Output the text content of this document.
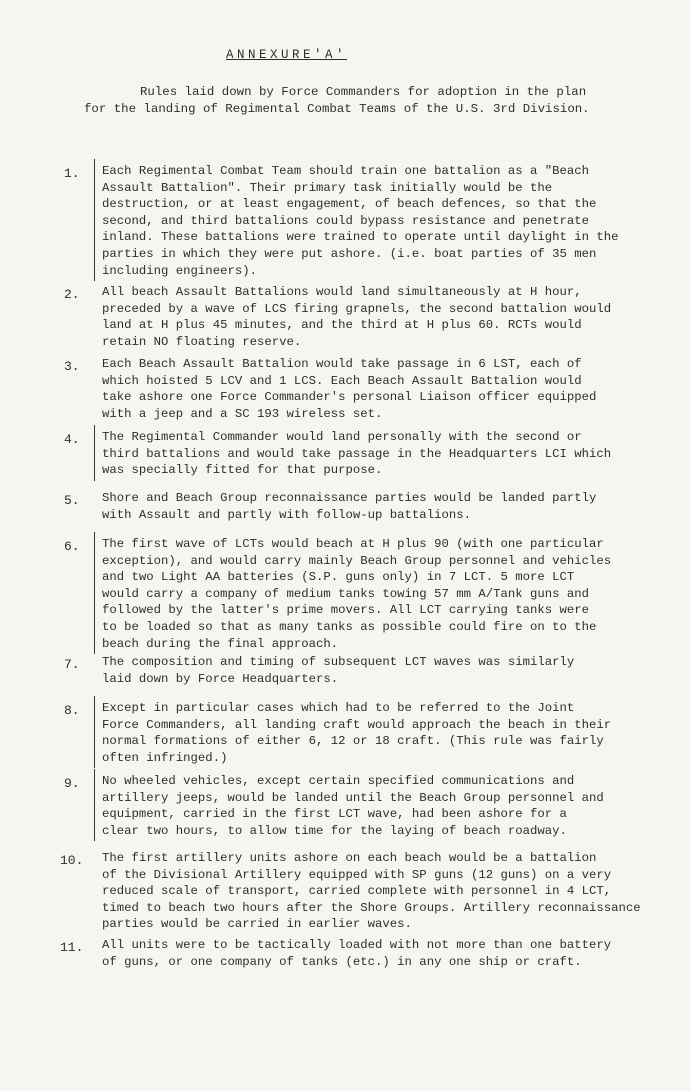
ANNEXURE'A'
Rules laid down by Force Commanders for adoption in the plan
for the landing of Regimental Combat Teams of the U.S. 3rd Division.
1. Each Regimental Combat Team should train one battalion as a "Beach
Assault Battalion". Their primary task initially would be the
destruction, or at least engagement, of beach defences, so that the
second, and third battalions could bypass resistance and penetrate
inland. These battalions were trained to operate until daylight in the
parties in which they were put ashore. (i.e. boat parties of 35 men
including engineers).
2. All beach Assault Battalions would land simultaneously at H hour,
preceded by a wave of LCS firing grapnels, the second battalion would
land at H plus 45 minutes, and the third at H plus 60. RCTs would
retain NO floating reserve.
3. Each Beach Assault Battalion would take passage in 6 LST, each of
which hoisted 5 LCV and 1 LCS. Each Beach Assault Battalion would
take ashore one Force Commander's personal Liaison officer equipped
with a jeep and a SC 193 wireless set.
4. The Regimental Commander would land personally with the second or
third battalions and would take passage in the Headquarters LCI which
was specially fitted for that purpose.
5. Shore and Beach Group reconnaissance parties would be landed partly
with Assault and partly with follow-up battalions.
6. The first wave of LCTs would beach at H plus 90 (with one particular
exception), and would carry mainly Beach Group personnel and vehicles
and two Light AA batteries (S.P. guns only) in 7 LCT. 5 more LCT
would carry a company of medium tanks towing 57 mm A/Tank guns and
followed by the latter's prime movers. All LCT carrying tanks were
to be loaded so that as many tanks as possible could fire on to the
beach during the final approach.
7. The composition and timing of subsequent LCT waves was similarly
laid down by Force Headquarters.
8. Except in particular cases which had to be referred to the Joint
Force Commanders, all landing craft would approach the beach in their
normal formations of either 6, 12 or 18 craft. (This rule was fairly
often infringed.)
9. No wheeled vehicles, except certain specified communications and
artillery jeeps, would be landed until the Beach Group personnel and
equipment, carried in the first LCT wave, had been ashore for a
clear two hours, to allow time for the laying of beach roadway.
10. The first artillery units ashore on each beach would be a battalion
of the Divisional Artillery equipped with SP guns (12 guns) on a very
reduced scale of transport, carried complete with personnel in 4 LCT,
timed to beach two hours after the Shore Groups. Artillery reconnaissance
parties would be carried in earlier waves.
11. All units were to be tactically loaded with not more than one battery
of guns, or one company of tanks (etc.) in any one ship or craft.
